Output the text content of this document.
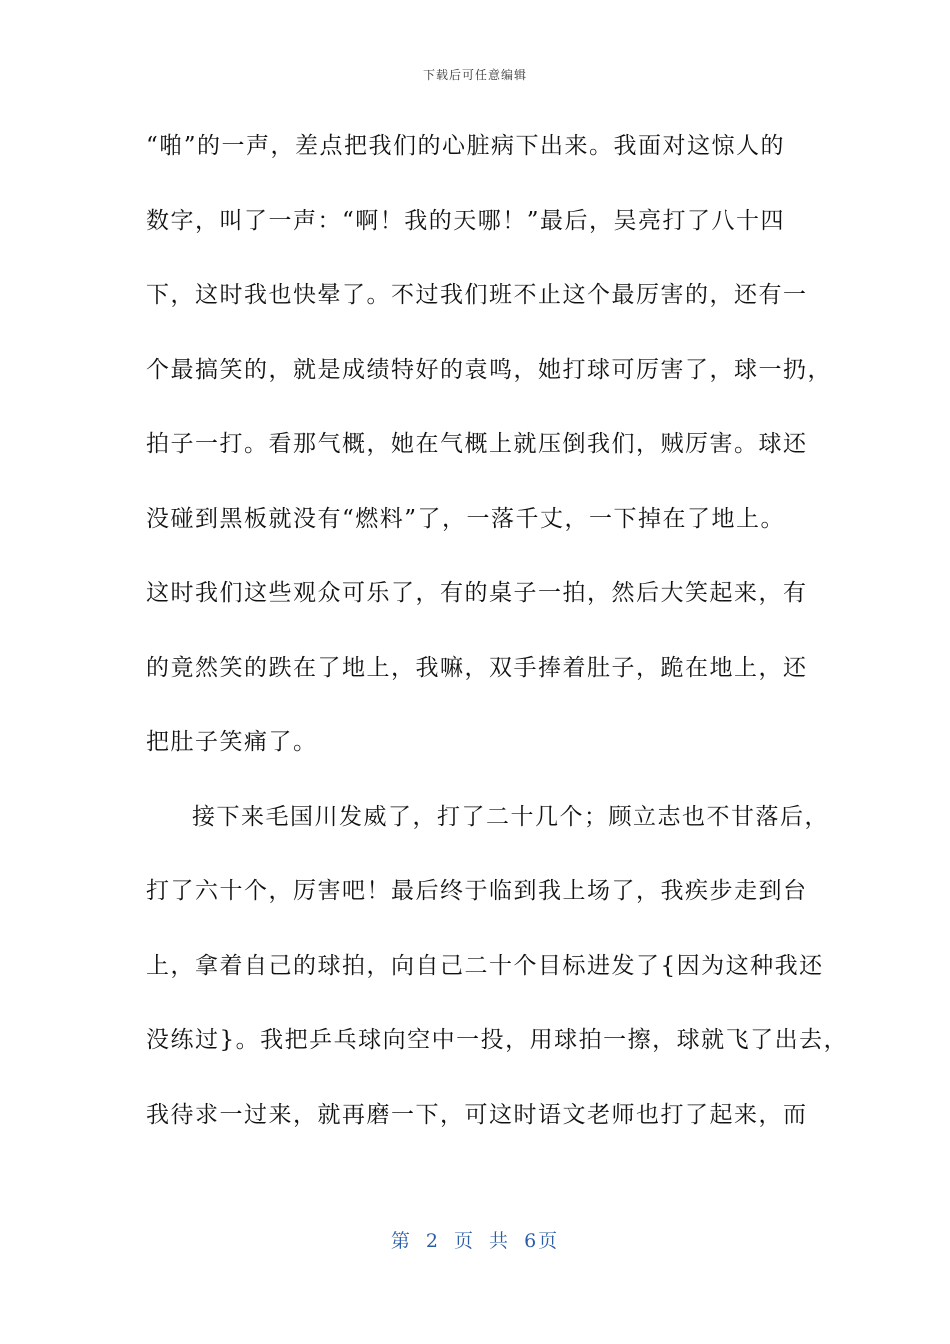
下载后可任意编辑
“啪”的一声，差点把我们的心脏病下出来。我面对这惊人的
数字，叫了一声：“啊！我的天哪！”最后，吴亮打了八十四
下，这时我也快晕了。不过我们班不止这个最厉害的，还有一
个最搞笑的，就是成绩特好的袁鸣，她打球可厉害了，球一扔，
拍子一打。看那气概，她在气概上就压倒我们，贼厉害。球还
没碰到黑板就没有“燃料”了，一落千丈，一下掉在了地上。
这时我们这些观众可乐了，有的桌子一拍，然后大笑起来，有
的竟然笑的跌在了地上，我嘛，双手捧着肚子，跪在地上，还
把肚子笑痛了。
接下来毛国川发威了，打了二十几个；顾立志也不甘落后，
打了六十个，厉害吧！最后终于临到我上场了，我疾步走到台
上，拿着自己的球拍，向自己二十个目标进发了{因为这种我还
没练过}。我把乒乓球向空中一投，用球拍一擦，球就飞了出去，
我待求一过来，就再磨一下，可这时语文老师也打了起来，而
第 2 页 共 6页
